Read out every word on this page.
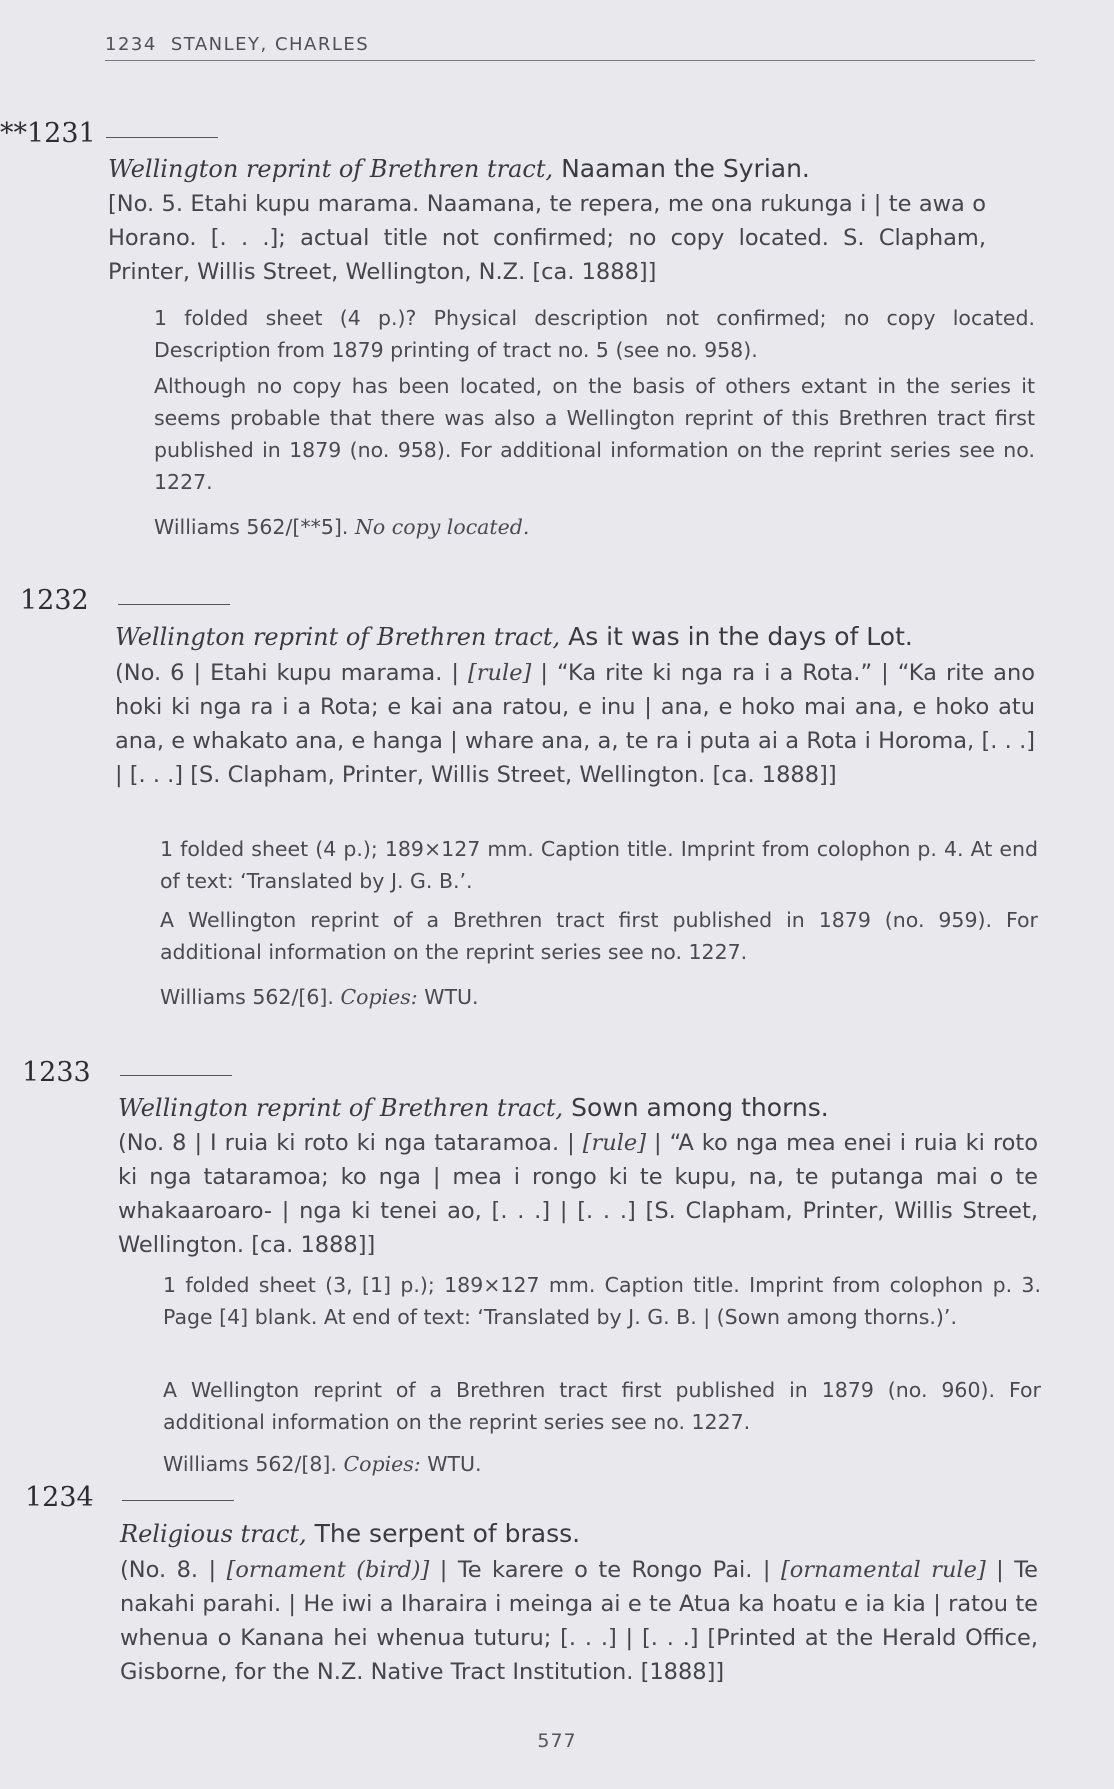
1234 STANLEY, CHARLES
**1231
Wellington reprint of Brethren tract, Naaman the Syrian.
[No. 5. Etahi kupu marama. Naamana, te repera, me ona rukunga i | te awa o Horano. [. . .]; actual title not confirmed; no copy located. S. Clapham, Printer, Willis Street, Wellington, N.Z. [ca. 1888]]
1 folded sheet (4 p.)? Physical description not confirmed; no copy located. Description from 1879 printing of tract no. 5 (see no. 958).
Although no copy has been located, on the basis of others extant in the series it seems probable that there was also a Wellington reprint of this Brethren tract first published in 1879 (no. 958). For additional information on the reprint series see no. 1227.
Williams 562/[**5]. No copy located.
1232
Wellington reprint of Brethren tract, As it was in the days of Lot.
(No. 6 | Etahi kupu marama. | [rule] | “Ka rite ki nga ra i a Rota.” | “Ka rite ano hoki ki nga ra i a Rota; e kai ana ratou, e inu | ana, e hoko mai ana, e hoko atu ana, e whakato ana, e hanga | whare ana, a, te ra i puta ai a Rota i Horoma, [. . .] | [. . .] [S. Clapham, Printer, Willis Street, Wellington. [ca. 1888]]
1 folded sheet (4 p.); 189×127 mm. Caption title. Imprint from colophon p. 4. At end of text: ‘Translated by J. G. B.’.
A Wellington reprint of a Brethren tract first published in 1879 (no. 959). For additional information on the reprint series see no. 1227.
Williams 562/[6]. Copies: WTU.
1233
Wellington reprint of Brethren tract, Sown among thorns.
(No. 8 | I ruia ki roto ki nga tataramoa. | [rule] | “A ko nga mea enei i ruia ki roto ki nga tataramoa; ko nga | mea i rongo ki te kupu, na, te putanga mai o te whakaaroaro- | nga ki tenei ao, [. . .] | [. . .] [S. Clapham, Printer, Willis Street, Wellington. [ca. 1888]]
1 folded sheet (3, [1] p.); 189×127 mm. Caption title. Imprint from colophon p. 3. Page [4] blank. At end of text: ‘Translated by J. G. B. | (Sown among thorns.)’.
A Wellington reprint of a Brethren tract first published in 1879 (no. 960). For additional information on the reprint series see no. 1227.
Williams 562/[8]. Copies: WTU.
1234
Religious tract, The serpent of brass.
(No. 8. | [ornament (bird)] | Te karere o te Rongo Pai. | [ornamental rule] | Te nakahi parahi. | He iwi a Iharaira i meinga ai e te Atua ka hoatu e ia kia | ratou te whenua o Kanana hei whenua tuturu; [. . .] | [. . .] [Printed at the Herald Office, Gisborne, for the N.Z. Native Tract Institution. [1888]]
577
